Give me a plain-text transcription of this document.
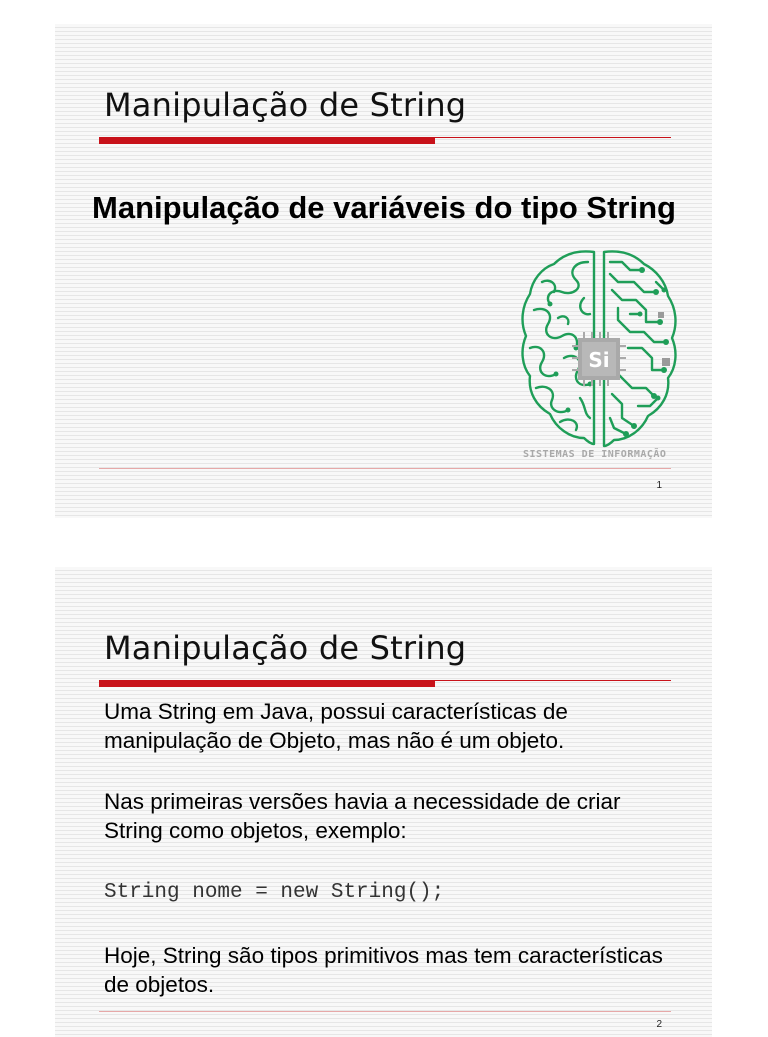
Manipulação de String
Manipulação de variáveis do tipo String
Si
SISTEMAS DE INFORMAÇÃO
1
Manipulação de String

Uma String em Java, possui características de manipulação de Objeto, mas não é um objeto.

Nas primeiras versões havia a necessidade de criar String como objetos, exemplo:

String nome = new String();

Hoje, String são tipos primitivos mas tem características de objetos.

2
